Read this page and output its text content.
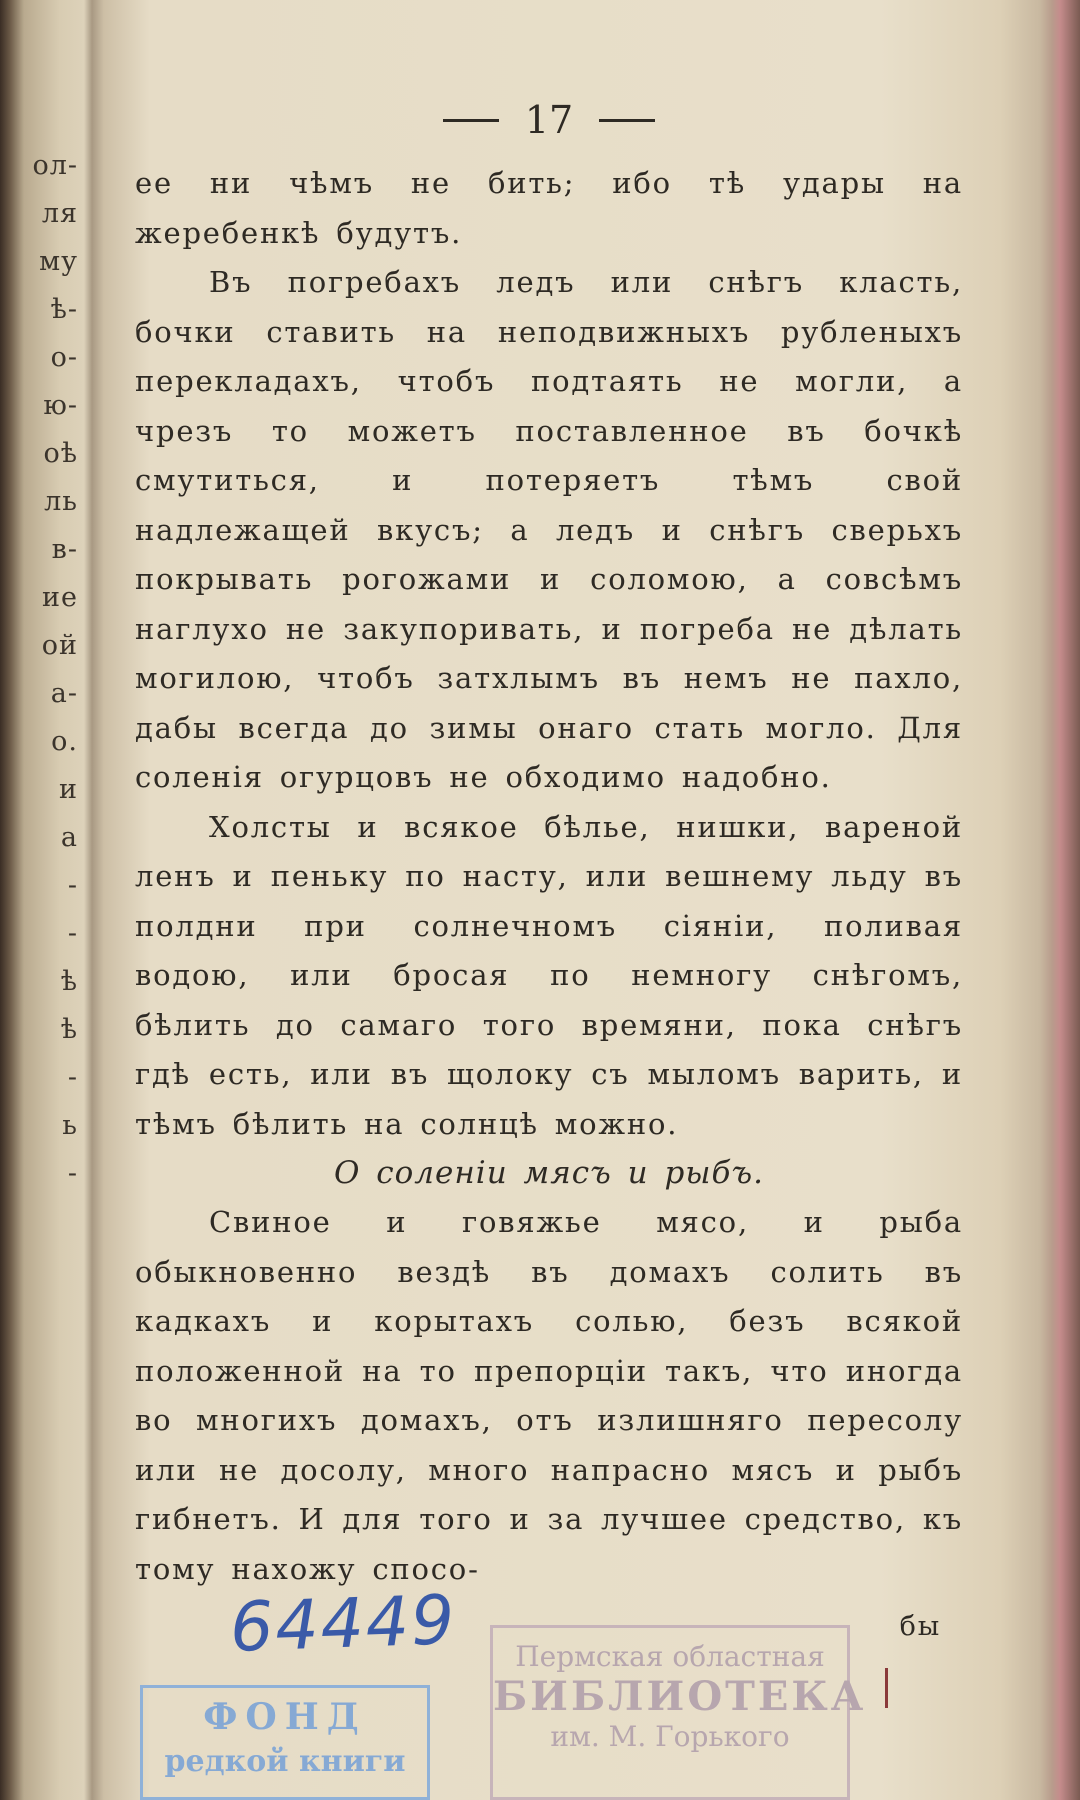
ол-
ля
му
ѣ-
о-
ю-
оѣ
ль
в-
ие
ой
а-
о.
и
а
-
-
ѣ
ѣ
-
ь
-
17

ее ни чѣмъ не бить; ибо тѣ удары на жеребенкѣ будутъ.

Въ погребахъ ледъ или снѣгъ класть, бочки ставить на неподвижныхъ рубленыхъ перекладахъ, чтобъ подтаять не могли, а чрезъ то можетъ поставленное въ бочкѣ смутиться, и потеряетъ тѣмъ свой надлежащей вкусъ; а ледъ и снѣгъ сверьхъ покрывать рогожами и соломою, а совсѣмъ наглухо не закупоривать, и погреба не дѣлать могилою, чтобъ затхлымъ въ немъ не пахло, дабы всегда до зимы онаго стать могло. Для соленія огурцовъ не обходимо надобно.

Холсты и всякое бѣлье, нишки, вареной ленъ и пеньку по насту, или вешнему льду въ полдни при солнечномъ сіяніи, поливая водою, или бросая по немногу снѣгомъ, бѣлить до самаго того времяни, пока снѣгъ гдѣ есть, или въ щолоку съ мыломъ варить, и тѣмъ бѣлить на солнцѣ можно.

О соленіи мясъ и рыбъ.

Свиное и говяжье мясо, и рыба обыкновенно вездѣ въ домахъ солить въ кадкахъ и корытахъ солью, безъ всякой положенной на то препорціи такъ, что иногда во многихъ домахъ, отъ излишняго пересолу или не досолу, много напрасно мясъ и рыбъ гибнетъ. И для того и за лучшее средство, къ тому нахожу спосо-

бы
64449	Пермская областная
БИБЛИОТЕКА
им. М. Горького
ФОНД
редкой книги
